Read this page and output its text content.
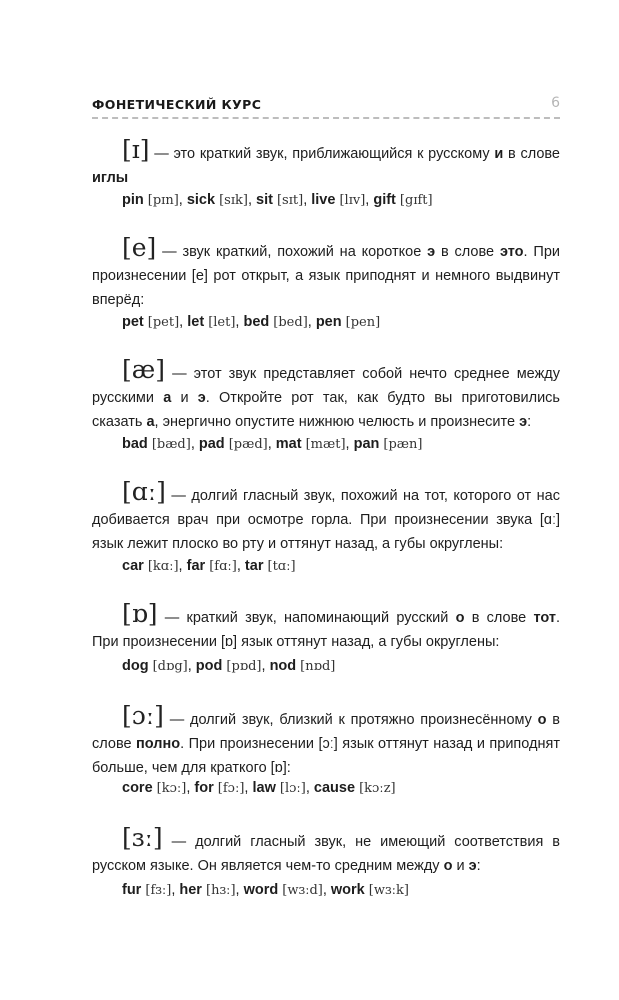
ФОНЕТИЧЕСКИЙ КУРС	6

[ɪ] — это краткий звук, приближающийся к русскому и в слове иглы

pin [pɪn], sick [sɪk], sit [sɪt], live [lɪv], gift [gɪft]

[e] — звук краткий, похожий на короткое э в слове это. При произнесении [e] рот открыт, а язык приподнят и немного выдвинут вперёд:

pet [pet], let [let], bed [bed], pen [pen]

[æ] — этот звук представляет собой нечто среднее между русскими а и э. Откройте рот так, как будто вы приготовились сказать а, энергично опустите нижнюю челюсть и произнесите э:

bad [bæd], pad [pæd], mat [mæt], pan [pæn]

[ɑː] — долгий гласный звук, похожий на тот, которого от нас добивается врач при осмотре горла. При произнесении звука [ɑː] язык лежит плоско во рту и оттянут назад, а губы округлены:

car [kɑː], far [fɑː], tar [tɑː]

[ɒ] — краткий звук, напоминающий русский о в слове тот. При произнесении [ɒ] язык оттянут назад, а губы округлены:

dog [dɒg], pod [pɒd], nod [nɒd]

[ɔː] — долгий звук, близкий к протяжно произнесённому о в слове полно. При произнесении [ɔː] язык оттянут назад и приподнят больше, чем для краткого [ɒ]:

core [kɔː], for [fɔː], law [lɔː], cause [kɔːz]

[ɜː] — долгий гласный звук, не имеющий соответствия в русском языке. Он является чем-то средним между о и э:

fur [fɜː], her [hɜː], word [wɜːd], work [wɜːk]
